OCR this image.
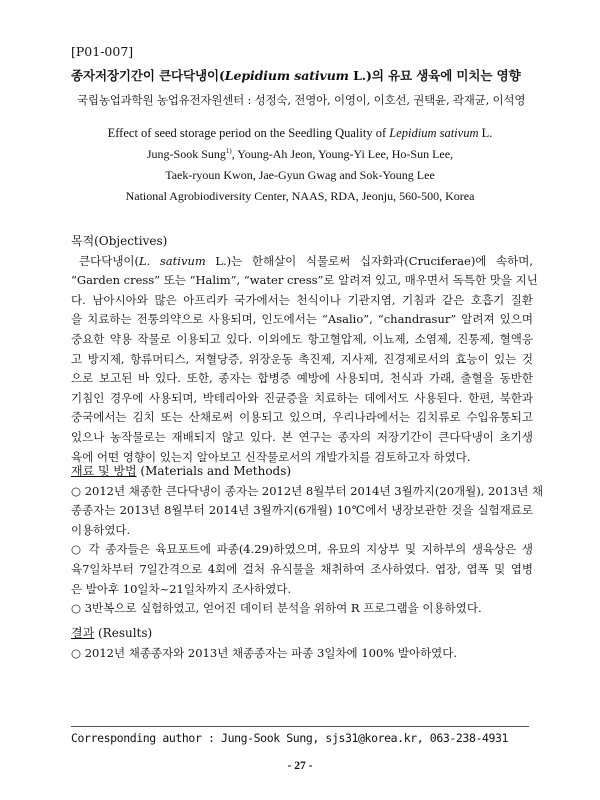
[P01-007]
종자저장기간이 큰다닥냉이(Lepidium sativum L.)의 유묘 생육에 미치는 영향
국립농업과학원 농업유전자원센터 : 성정숙, 전영아, 이영이, 이호선, 권택윤, 곽재균, 이석영
Effect of seed storage period on the Seedling Quality of Lepidium sativum L.
Jung-Sook Sung$^{1)}$, Young-Ah Jeon, Young-Yi Lee, Ho-Sun Lee,
Taek-ryoun Kwon, Jae-Gyun Gwag and Sok-Young Lee
National Agrobiodiversity Center, NAAS, RDA, Jeonju, 560-500, Korea
목적(Objectives)
큰다닥냉이(L. sativum L.)는 한해살이 식물로써 십자화과(Cruciferae)에 속하며,
“Garden cress” 또는 “Halim”, “water cress”로 알려져 있고, 매우면서 독특한 맛을 지닌
다. 남아시아와 많은 아프리카 국가에서는 천식이나 기관지염, 기침과 같은 호흡기 질환
을 치료하는 전통의약으로 사용되며, 인도에서는 “Asalio”, “chandrasur” 알려져 있으며
중요한 약용 작물로 이용되고 있다. 이외에도 항고혈압제, 이뇨제, 소염제, 진통제, 혈액응
고 방지제, 항류머티스, 저혈당증, 위장운동 촉진제, 지사제, 진경제로서의 효능이 있는 것
으로 보고된 바 있다. 또한, 종자는 합병증 예방에 사용되며, 천식과 가래, 출혈을 동반한
기침인 경우에 사용되며, 박테리아와 진균증을 치료하는 데에서도 사용된다. 한편, 북한과
중국에서는 김치 또는 산채로써 이용되고 있으며, 우리나라에서는 김치류로 수입유통되고
있으나 농작물로는 재배되지 않고 있다. 본 연구는 종자의 저장기간이 큰다닥냉이 초기생
육에 어떤 영향이 있는지 알아보고 신작물로서의 개발가치를 검토하고자 하였다.
재료 및 방법 (Materials and Methods)
○ 2012년 채종한 큰다닥냉이 종자는 2012년 8월부터 2014년 3월까지(20개월), 2013년 채
종종자는 2013년 8월부터 2014년 3월까지(6개월) 10℃에서 냉장보관한 것을 실험재료로
이용하였다.
○ 각 종자들은 육묘포트에 파종(4.29)하였으며, 유묘의 지상부 및 지하부의 생육상은 생
육7일차부터 7일간격으로 4회에 걸처 유식물을 채취하여 조사하였다. 엽장, 엽폭 및 엽병
은 발아후 10일차~21일차까지 조사하였다.
○ 3반복으로 실험하였고, 얻어진 데이터 분석을 위하여 R 프로그램을 이용하였다.
결과 (Results)
○ 2012년 채종종자와 2013년 채종종자는 파종 3일차에 100% 발아하였다.
Corresponding author : Jung-Sook Sung, sjs31@korea.kr, 063-238-4931
- 27 -
